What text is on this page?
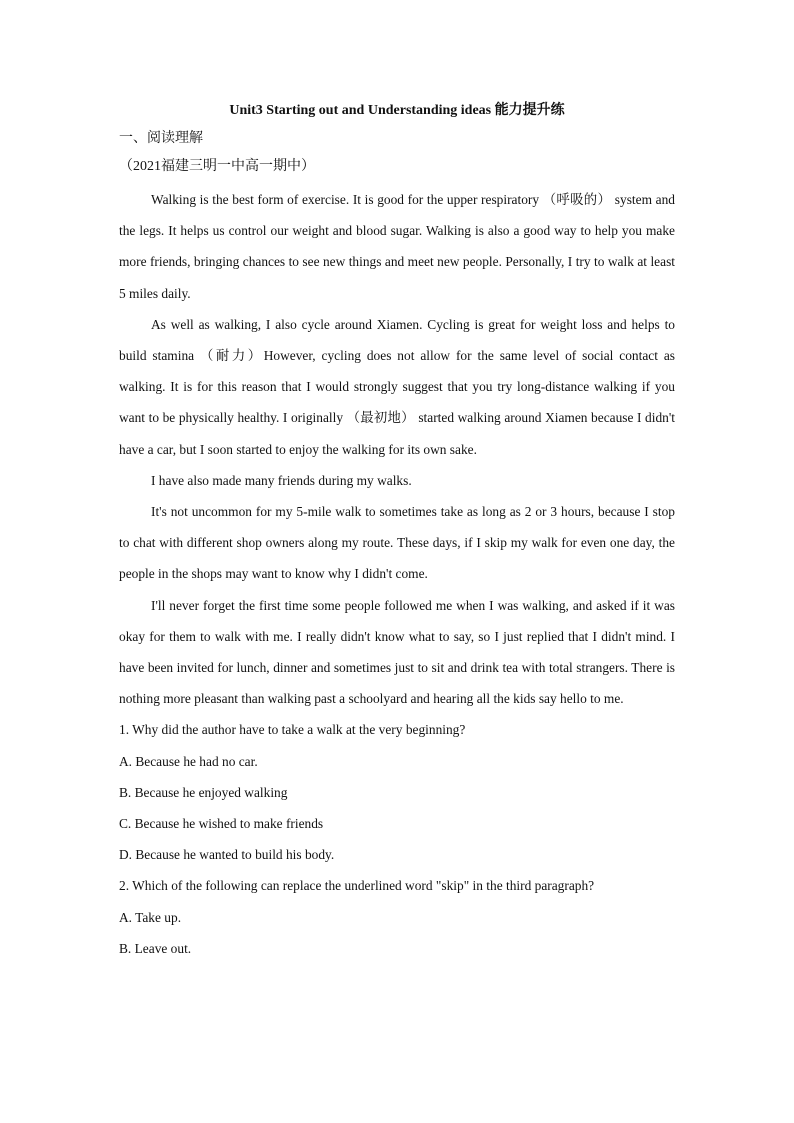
Unit3 Starting out and Understanding ideas 能力提升练

一、阅读理解

（2021福建三明一中高一期中）

Walking is the best form of exercise. It is good for the upper respiratory （呼吸的） system and the legs. It helps us control our weight and blood sugar. Walking is also a good way to help you make more friends, bringing chances to see new things and meet new people. Personally, I try to walk at least 5 miles daily.

As well as walking, I also cycle around Xiamen. Cycling is great for weight loss and helps to build stamina （耐力）However, cycling does not allow for the same level of social contact as walking. It is for this reason that I would strongly suggest that you try long-distance walking if you want to be physically healthy. I originally （最初地） started walking around Xiamen because I didn't have a car, but I soon started to enjoy the walking for its own sake.

I have also made many friends during my walks.

It's not uncommon for my 5-mile walk to sometimes take as long as 2 or 3 hours, because I stop to chat with different shop owners along my route. These days, if I skip my walk for even one day, the people in the shops may want to know why I didn't come.

I'll never forget the first time some people followed me when I was walking, and asked if it was okay for them to walk with me. I really didn't know what to say, so I just replied that I didn't mind. I have been invited for lunch, dinner and sometimes just to sit and drink tea with total strangers. There is nothing more pleasant than walking past a schoolyard and hearing all the kids say hello to me.

1. Why did the author have to take a walk at the very beginning?
A. Because he had no car.
B. Because he enjoyed walking
C. Because he wished to make friends
D. Because he wanted to build his body.
2. Which of the following can replace the underlined word "skip" in the third paragraph?
A. Take up.
B. Leave out.
